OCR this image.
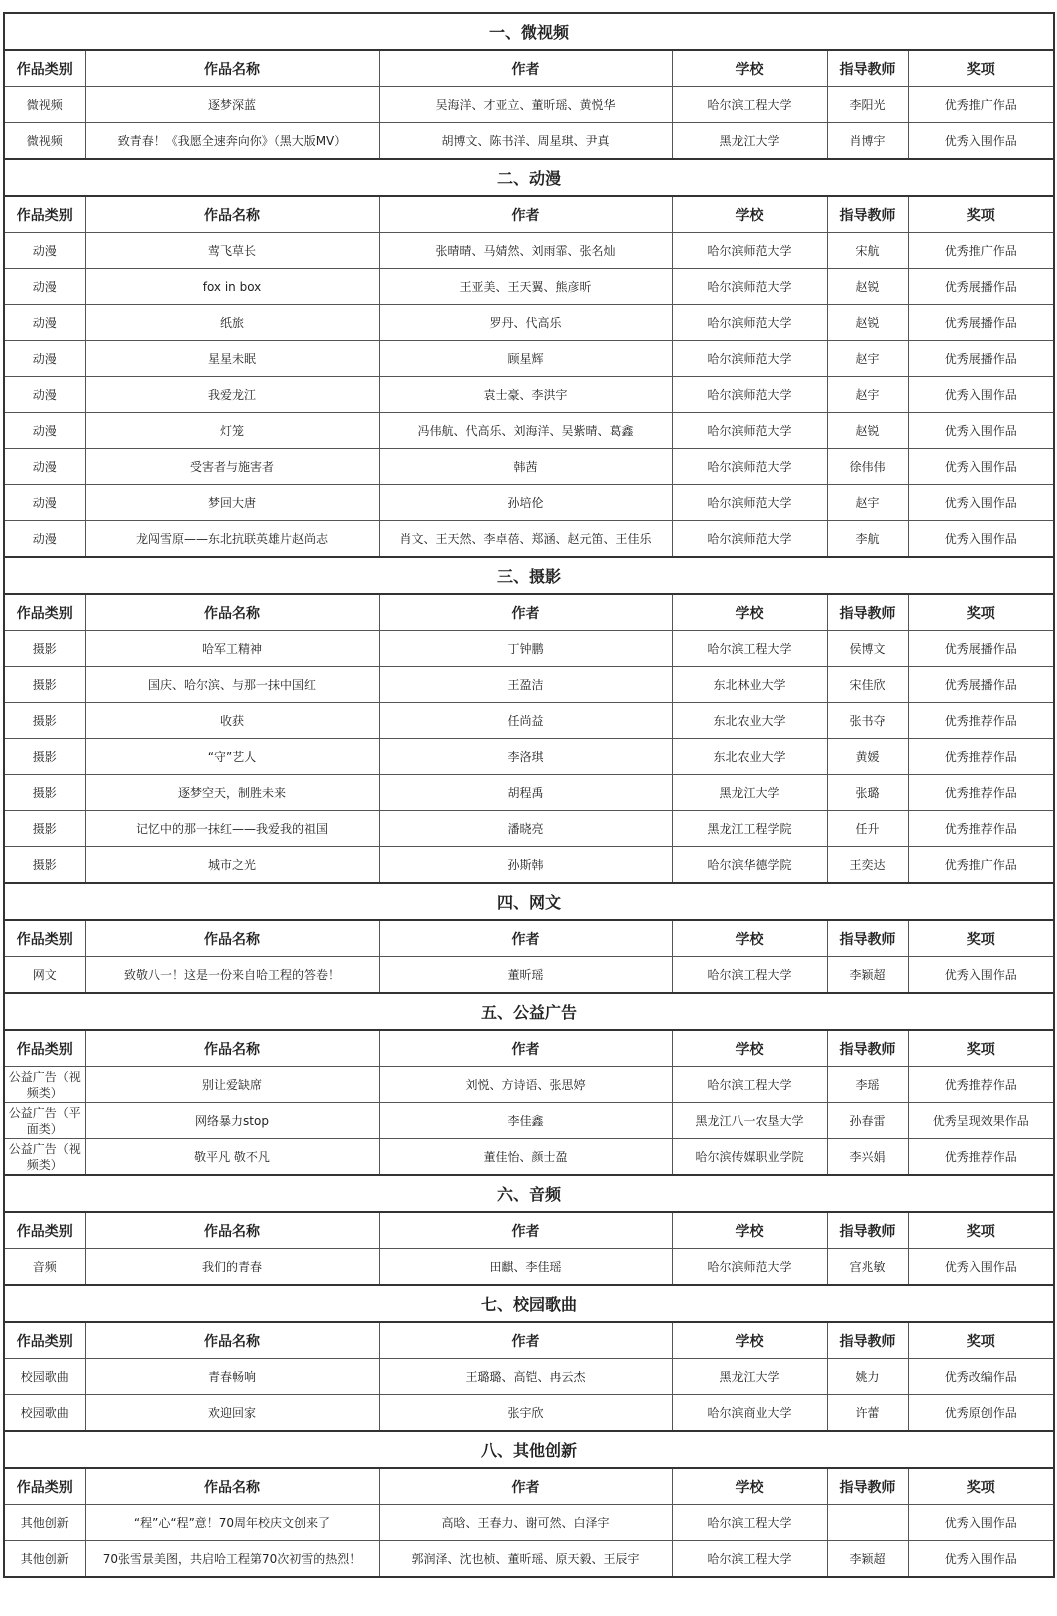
一、微视频					
作品类别	作品名称	作者	学校	指导教师	奖项
微视频	逐梦深蓝	吴海洋、才亚立、董昕瑶、黄悦华	哈尔滨工程大学	李阳光	优秀推广作品
微视频	致青春！《我愿全速奔向你》（黑大版MV）	胡博文、陈书洋、周星琪、尹真	黑龙江大学	肖博宇	优秀入围作品
二、动漫					
作品类别	作品名称	作者	学校	指导教师	奖项
动漫	莺飞草长	张晴晴、马婧然、刘雨霏、张名灿	哈尔滨师范大学	宋航	优秀推广作品
动漫	fox in box	王亚美、王天翼、熊彦昕	哈尔滨师范大学	赵锐	优秀展播作品
动漫	纸旅	罗丹、代高乐	哈尔滨师范大学	赵锐	优秀展播作品
动漫	星星未眠	顾星辉	哈尔滨师范大学	赵宇	优秀展播作品
动漫	我爱龙江	袁士豪、李洪宇	哈尔滨师范大学	赵宇	优秀入围作品
动漫	灯笼	冯伟航、代高乐、刘海洋、吴紫晴、葛鑫	哈尔滨师范大学	赵锐	优秀入围作品
动漫	受害者与施害者	韩茜	哈尔滨师范大学	徐伟伟	优秀入围作品
动漫	梦回大唐	孙培伦	哈尔滨师范大学	赵宇	优秀入围作品
动漫	龙闯雪原——东北抗联英雄片赵尚志	肖文、王天然、李卓蓓、郑涵、赵元笛、王佳乐	哈尔滨师范大学	李航	优秀入围作品
三、摄影					
作品类别	作品名称	作者	学校	指导教师	奖项
摄影	哈军工精神	丁钟鹏	哈尔滨工程大学	侯博文	优秀展播作品
摄影	国庆、哈尔滨、与那一抹中国红	王盈洁	东北林业大学	宋佳欣	优秀展播作品
摄影	收获	任尚益	东北农业大学	张书夺	优秀推荐作品
摄影	“守”艺人	李洛琪	东北农业大学	黄媛	优秀推荐作品
摄影	逐梦空天，制胜未来	胡程禹	黑龙江大学	张璐	优秀推荐作品
摄影	记忆中的那一抹红——我爱我的祖国	潘晓亮	黑龙江工程学院	任升	优秀推荐作品
摄影	城市之光	孙斯韩	哈尔滨华德学院	王奕达	优秀推广作品
四、网文					
作品类别	作品名称	作者	学校	指导教师	奖项
网文	致敬八一！这是一份来自哈工程的答卷！	董昕瑶	哈尔滨工程大学	李颖超	优秀入围作品
五、公益广告					
作品类别	作品名称	作者	学校	指导教师	奖项
公益广告（视频类）	别让爱缺席	刘悦、方诗语、张思婷	哈尔滨工程大学	李瑶	优秀推荐作品
公益广告（平面类）	网络暴力stop	李佳鑫	黑龙江八一农垦大学	孙春雷	优秀呈现效果作品
公益广告（视频类）	敬平凡 敬不凡	董佳怡、颜士盈	哈尔滨传媒职业学院	李兴娟	优秀推荐作品
六、音频					
作品类别	作品名称	作者	学校	指导教师	奖项
音频	我们的青春	田麒、李佳瑶	哈尔滨师范大学	宫兆敏	优秀入围作品
七、校园歌曲					
作品类别	作品名称	作者	学校	指导教师	奖项
校园歌曲	青春畅响	王璐璐、高铠、冉云杰	黑龙江大学	姚力	优秀改编作品
校园歌曲	欢迎回家	张宇欣	哈尔滨商业大学	许蕾	优秀原创作品
八、其他创新					
作品类别	作品名称	作者	学校	指导教师	奖项
其他创新	“程”心“程”意！70周年校庆文创来了	高晗、王春力、谢可然、白泽宇	哈尔滨工程大学		优秀入围作品
其他创新	70张雪景美图，共启哈工程第70次初雪的热烈！	郭润泽、沈也桢、董昕瑶、原天毅、王辰宇	哈尔滨工程大学	李颖超	优秀入围作品
